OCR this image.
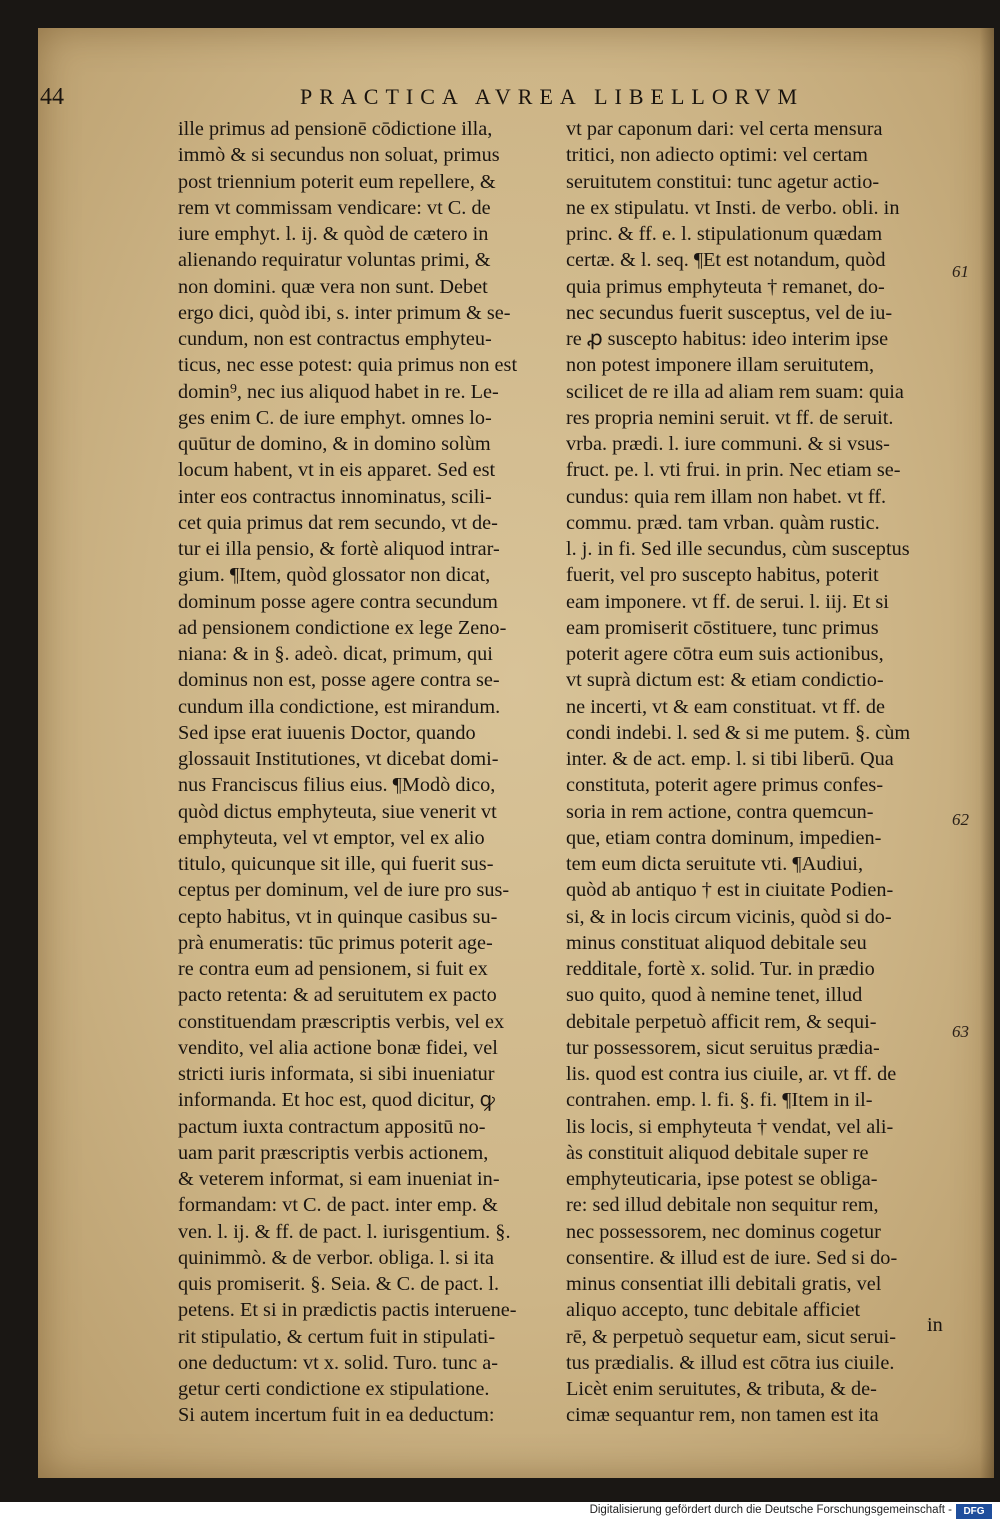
44	PRACTICA AVREA LIBELLORVM
ille primus ad pensionē cōdictione illa,
immò & si secundus non soluat, primus
post triennium poterit eum repellere, &
rem vt commissam vendicare: vt C. de
iure emphyt. l. ij. & quòd de cætero in
alienando requiratur voluntas primi, &
non domini. quæ vera non sunt. Debet
ergo dici, quòd ibi, s. inter primum & se-
cundum, non est contractus emphyteu-
ticus, nec esse potest: quia primus non est
domin⁹, nec ius aliquod habet in re. Le-
ges enim C. de iure emphyt. omnes lo-
quūtur de domino, & in domino solùm
locum habent, vt in eis apparet. Sed est
inter eos contractus innominatus, scili-
cet quia primus dat rem secundo, vt de-
tur ei illa pensio, & fortè aliquod intrar-
gium. ¶Item, quòd glossator non dicat,
dominum posse agere contra secundum
ad pensionem condictione ex lege Zeno-
niana: & in §. adeò. dicat, primum, qui
dominus non est, posse agere contra se-
cundum illa condictione, est mirandum.
Sed ipse erat iuuenis Doctor, quando
glossauit Institutiones, vt dicebat domi-
nus Franciscus filius eius. ¶Modò dico,
quòd dictus emphyteuta, siue venerit vt
emphyteuta, vel vt emptor, vel ex alio
titulo, quicunque sit ille, qui fuerit sus-
ceptus per dominum, vel de iure pro sus-
cepto habitus, vt in quinque casibus su-
prà enumeratis: tūc primus poterit age-
re contra eum ad pensionem, si fuit ex
pacto retenta: & ad seruitutem ex pacto
constituendam præscriptis verbis, vel ex
vendito, vel alia actione bonæ fidei, vel
stricti iuris informata, si sibi inueniatur
informanda. Et hoc est, quod dicitur, ꝙ
pactum iuxta contractum appositū no-
uam parit præscriptis verbis actionem,
& veterem informat, si eam inueniat in-
formandam: vt C. de pact. inter emp. &
ven. l. ij. & ff. de pact. l. iurisgentium. §.
quinimmò. & de verbor. obliga. l. si ita
quis promiserit. §. Seia. & C. de pact. l.
petens. Et si in prædictis pactis interuene-
rit stipulatio, & certum fuit in stipulati-
one deductum: vt x. solid. Turo. tunc a-
getur certi condictione ex stipulatione.
Si autem incertum fuit in ea deductum:
vt par caponum dari: vel certa mensura
tritici, non adiecto optimi: vel certam
seruitutem constitui: tunc agetur actio-
ne ex stipulatu. vt Insti. de verbo. obli. in
princ. & ff. e. l. stipulationum quædam
certæ. & l. seq. ¶Et est notandum, quòd
quia primus emphyteuta † remanet, do-
nec secundus fuerit susceptus, vel de iu-
re ꝓ suscepto habitus: ideo interim ipse
non potest imponere illam seruitutem,
scilicet de re illa ad aliam rem suam: quia
res propria nemini seruit. vt ff. de seruit.
vrba. prædi. l. iure communi. & si vsus-
fruct. pe. l. vti frui. in prin. Nec etiam se-
cundus: quia rem illam non habet. vt ff.
commu. præd. tam vrban. quàm rustic.
l. j. in fi. Sed ille secundus, cùm susceptus
fuerit, vel pro suscepto habitus, poterit
eam imponere. vt ff. de serui. l. iij. Et si
eam promiserit cōstituere, tunc primus
poterit agere cōtra eum suis actionibus,
vt suprà dictum est: & etiam condictio-
ne incerti, vt & eam constituat. vt ff. de
condi indebi. l. sed & si me putem. §. cùm
inter. & de act. emp. l. si tibi liberū. Qua
constituta, poterit agere primus confes-
soria in rem actione, contra quemcun-
que, etiam contra dominum, impedien-
tem eum dicta seruitute vti. ¶Audiui,
quòd ab antiquo † est in ciuitate Podien-
si, & in locis circum vicinis, quòd si do-
minus constituat aliquod debitale seu
redditale, fortè x. solid. Tur. in prædio
suo quito, quod à nemine tenet, illud
debitale perpetuò afficit rem, & sequi-
tur possessorem, sicut seruitus prædia-
lis. quod est contra ius ciuile, ar. vt ff. de
contrahen. emp. l. fi. §. fi. ¶Item in il-
lis locis, si emphyteuta † vendat, vel ali-
às constituit aliquod debitale super re
emphyteuticaria, ipse potest se obliga-
re: sed illud debitale non sequitur rem,
nec possessorem, nec dominus cogetur
consentire. & illud est de iure. Sed si do-
minus consentiat illi debitali gratis, vel
aliquo accepto, tunc debitale afficiet
rē, & perpetuò sequetur eam, sicut serui-
tus prædialis. & illud est cōtra ius ciuile.
Licèt enim seruitutes, & tributa, & de-
cimæ sequantur rem, non tamen est ita
61
62
63
in
Digitalisierung gefördert durch die Deutsche Forschungsgemeinschaft -	DFG
